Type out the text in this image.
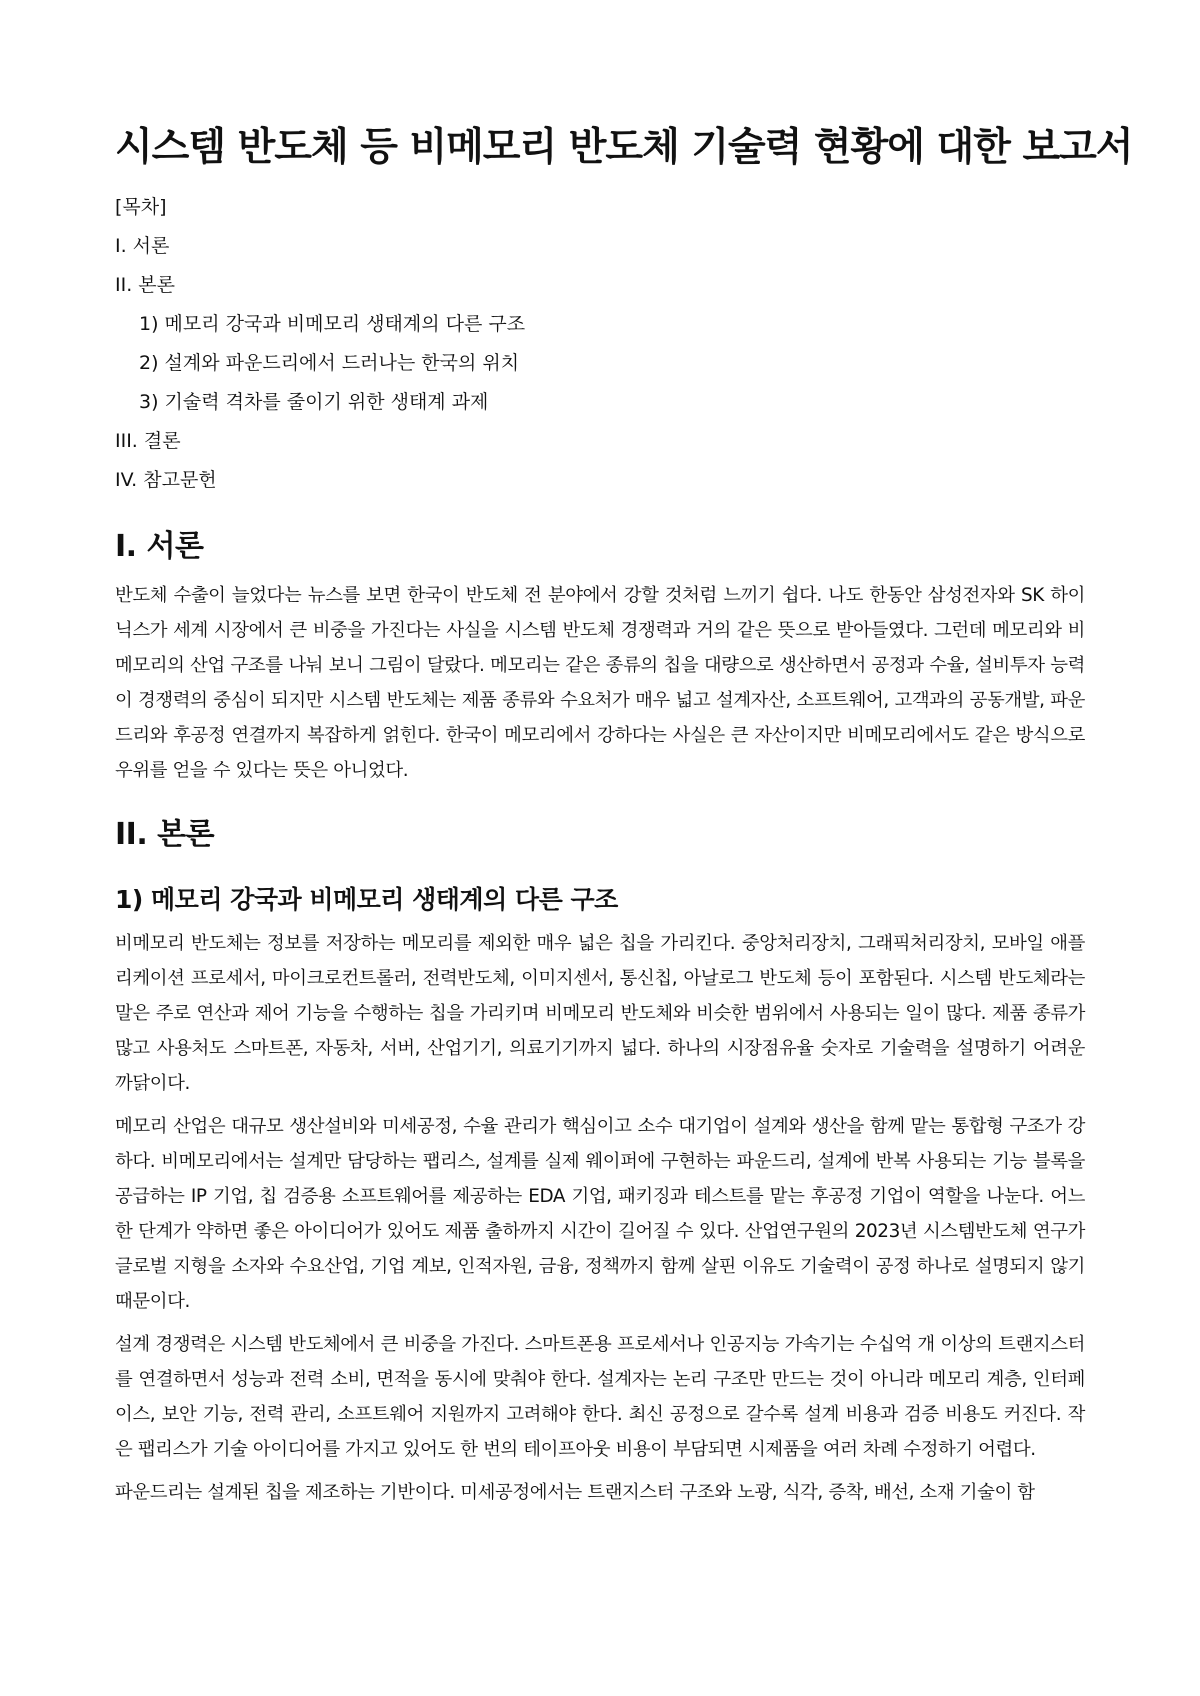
시스템 반도체 등 비메모리 반도체 기술력 현황에 대한 보고서
[목차]
I. 서론
II. 본론
1) 메모리 강국과 비메모리 생태계의 다른 구조
2) 설계와 파운드리에서 드러나는 한국의 위치
3) 기술력 격차를 줄이기 위한 생태계 과제
III. 결론
IV. 참고문헌
I. 서론

반도체 수출이 늘었다는 뉴스를 보면 한국이 반도체 전 분야에서 강할 것처럼 느끼기 쉽다. 나도 한동안 삼성전자와 SK 하이닉스가 세계 시장에서 큰 비중을 가진다는 사실을 시스템 반도체 경쟁력과 거의 같은 뜻으로 받아들였다. 그런데 메모리와 비메모리의 산업 구조를 나눠 보니 그림이 달랐다. 메모리는 같은 종류의 칩을 대량으로 생산하면서 공정과 수율, 설비투자 능력이 경쟁력의 중심이 되지만 시스템 반도체는 제품 종류와 수요처가 매우 넓고 설계자산, 소프트웨어, 고객과의 공동개발, 파운드리와 후공정 연결까지 복잡하게 얽힌다. 한국이 메모리에서 강하다는 사실은 큰 자산이지만 비메모리에서도 같은 방식으로 우위를 얻을 수 있다는 뜻은 아니었다.

II. 본론
1) 메모리 강국과 비메모리 생태계의 다른 구조

비메모리 반도체는 정보를 저장하는 메모리를 제외한 매우 넓은 칩을 가리킨다. 중앙처리장치, 그래픽처리장치, 모바일 애플리케이션 프로세서, 마이크로컨트롤러, 전력반도체, 이미지센서, 통신칩, 아날로그 반도체 등이 포함된다. 시스템 반도체라는 말은 주로 연산과 제어 기능을 수행하는 칩을 가리키며 비메모리 반도체와 비슷한 범위에서 사용되는 일이 많다. 제품 종류가 많고 사용처도 스마트폰, 자동차, 서버, 산업기기, 의료기기까지 넓다. 하나의 시장점유율 숫자로 기술력을 설명하기 어려운 까닭이다.

메모리 산업은 대규모 생산설비와 미세공정, 수율 관리가 핵심이고 소수 대기업이 설계와 생산을 함께 맡는 통합형 구조가 강하다. 비메모리에서는 설계만 담당하는 팹리스, 설계를 실제 웨이퍼에 구현하는 파운드리, 설계에 반복 사용되는 기능 블록을 공급하는 IP 기업, 칩 검증용 소프트웨어를 제공하는 EDA 기업, 패키징과 테스트를 맡는 후공정 기업이 역할을 나눈다. 어느 한 단계가 약하면 좋은 아이디어가 있어도 제품 출하까지 시간이 길어질 수 있다. 산업연구원의 2023년 시스템반도체 연구가 글로벌 지형을 소자와 수요산업, 기업 계보, 인적자원, 금융, 정책까지 함께 살핀 이유도 기술력이 공정 하나로 설명되지 않기 때문이다.

설계 경쟁력은 시스템 반도체에서 큰 비중을 가진다. 스마트폰용 프로세서나 인공지능 가속기는 수십억 개 이상의 트랜지스터를 연결하면서 성능과 전력 소비, 면적을 동시에 맞춰야 한다. 설계자는 논리 구조만 만드는 것이 아니라 메모리 계층, 인터페이스, 보안 기능, 전력 관리, 소프트웨어 지원까지 고려해야 한다. 최신 공정으로 갈수록 설계 비용과 검증 비용도 커진다. 작은 팹리스가 기술 아이디어를 가지고 있어도 한 번의 테이프아웃 비용이 부담되면 시제품을 여러 차례 수정하기 어렵다.

파운드리는 설계된 칩을 제조하는 기반이다. 미세공정에서는 트랜지스터 구조와 노광, 식각, 증착, 배선, 소재 기술이 함
